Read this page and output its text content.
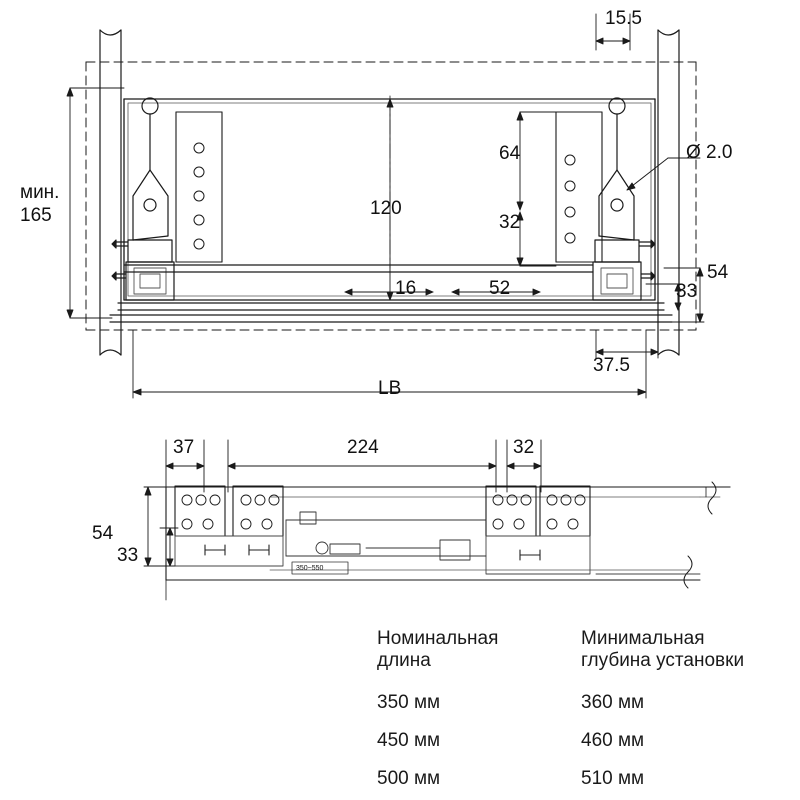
15.5
мин.
165	120
64
32
Ø 2.0
16	52
54
33
37.5
LB
37	224	32
54
33
350~550
Номинальная
длина

Минимальная
глубина установки

350 мм	360 мм
450 мм	460 мм
500 мм	510 мм
